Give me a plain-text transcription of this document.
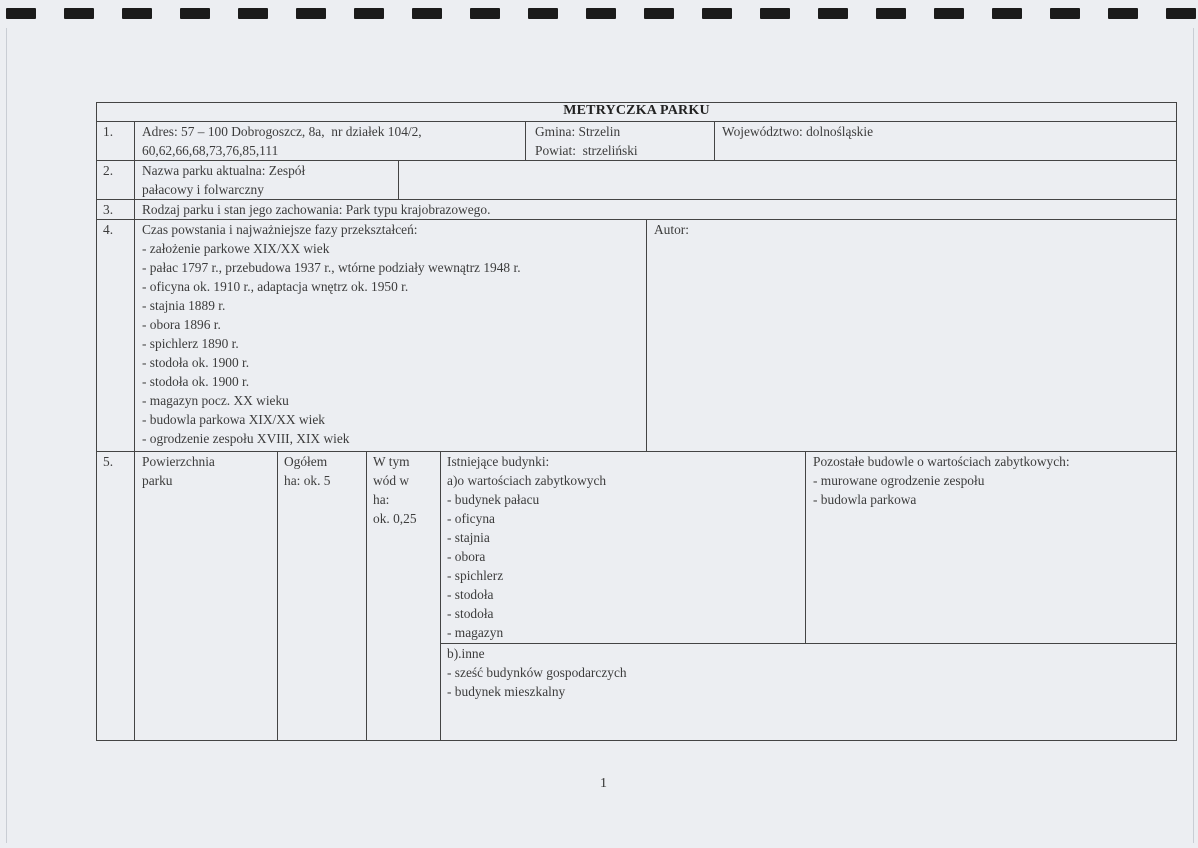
METRYCZKA PARKU
1. Adres: 57 – 100 Dobrogoszcz, 8a,  nr działek 104/2,
60,62,66,68,73,76,85,111
Gmina: Strzelin
Powiat:  strzeliński
Województwo: dolnośląskie
2. Nazwa parku aktualna: Zespół
pałacowy i folwarczny
3. Rodzaj parku i stan jego zachowania: Park typu krajobrazowego.
4. Czas powstania i najważniejsze fazy przekształceń:
- założenie parkowe XIX/XX wiek
- pałac 1797 r., przebudowa 1937 r., wtórne podziały wewnątrz 1948 r.
- oficyna ok. 1910 r., adaptacja wnętrz ok. 1950 r.
- stajnia 1889 r.
- obora 1896 r.
- spichlerz 1890 r.
- stodoła ok. 1900 r.
- stodoła ok. 1900 r.
- magazyn pocz. XX wieku
- budowla parkowa XIX/XX wiek
- ogrodzenie zespołu XVIII, XIX wiek
Autor:
5. Powierzchnia
parku
Ogółem
ha: ok. 5
W tym
wód w
ha:
ok. 0,25
Istniejące budynki:
a)o wartościach zabytkowych
- budynek pałacu
- oficyna
- stajnia
- obora
- spichlerz
- stodoła
- stodoła
- magazyn
b).inne
- sześć budynków gospodarczych
- budynek mieszkalny
Pozostałe budowle o wartościach zabytkowych:
- murowane ogrodzenie zespołu
- budowla parkowa
1
